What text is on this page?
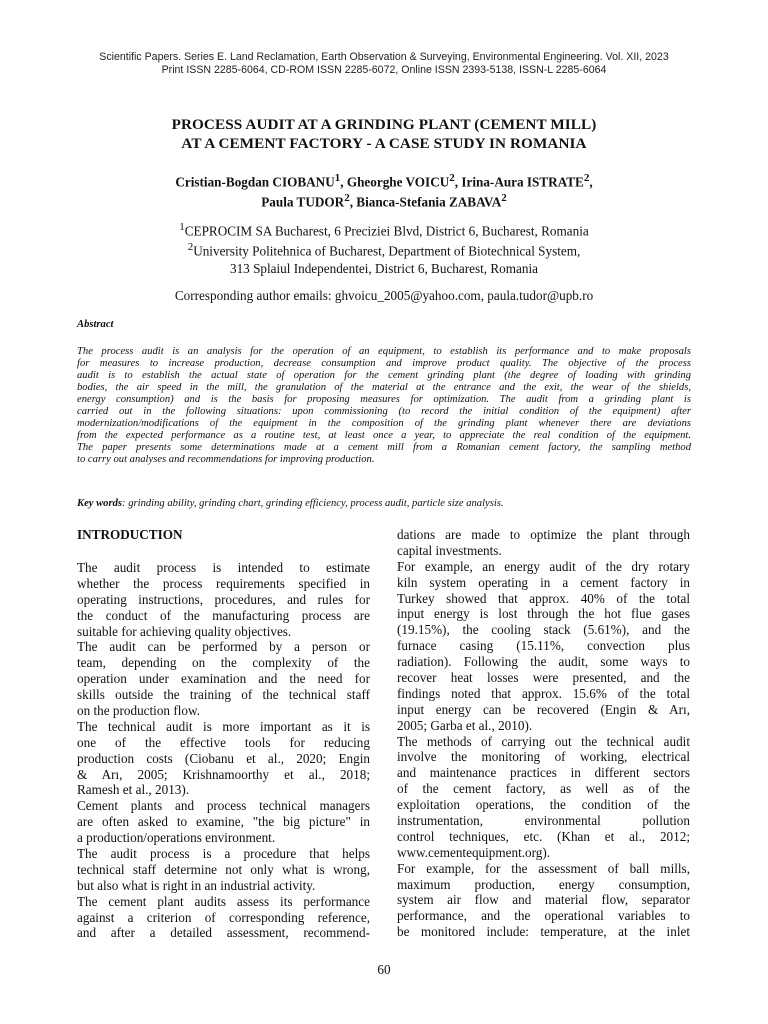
Scientific Papers. Series E. Land Reclamation, Earth Observation & Surveying, Environmental Engineering. Vol. XII, 2023
Print ISSN 2285-6064, CD-ROM ISSN 2285-6072, Online ISSN 2393-5138, ISSN-L 2285-6064
PROCESS AUDIT AT A GRINDING PLANT (CEMENT MILL)
AT A CEMENT FACTORY - A CASE STUDY IN ROMANIA
Cristian-Bogdan CIOBANU$^1$, Gheorghe VOICU$^2$, Irina-Aura ISTRATE$^2$,
Paula TUDOR$^2$, Bianca-Stefania ZABAVA$^2$
$^1$CEPROCIM SA Bucharest, 6 Preciziei Blvd, District 6, Bucharest, Romania
$^2$University Politehnica of Bucharest, Department of Biotechnical System,
313 Splaiul Independentei, District 6, Bucharest, Romania
Corresponding author emails: ghvoicu_2005@yahoo.com, paula.tudor@upb.ro
Abstract
The process audit is an analysis for the operation of an equipment, to establish its performance and to make proposals
for measures to increase production, decrease consumption and improve product quality. The objective of the process
audit is to establish the actual state of operation for the cement grinding plant (the degree of loading with grinding
bodies, the air speed in the mill, the granulation of the material at the entrance and the exit, the wear of the shields,
energy consumption) and is the basis for proposing measures for optimization. The audit from a grinding plant is
carried out in the following situations: upon commissioning (to record the initial condition of the equipment) after
modernization/modifications of the equipment in the composition of the grinding plant whenever there are deviations
from the expected performance as a routine test, at least once a year, to appreciate the real condition of the equipment.
The paper presents some determinations made at a cement mill from a Romanian cement factory, the sampling method
to carry out analyses and recommendations for improving production.
Key words: grinding ability, grinding chart, grinding efficiency, process audit, particle size analysis.
INTRODUCTION
The audit process is intended to estimate
whether the process requirements specified in
operating instructions, procedures, and rules for
the conduct of the manufacturing process are
suitable for achieving quality objectives.
The audit can be performed by a person or
team, depending on the complexity of the
operation under examination and the need for
skills outside the training of the technical staff
on the production flow.
The technical audit is more important as it is
one of the effective tools for reducing
production costs (Ciobanu et al., 2020; Engin
& Arı, 2005; Krishnamoorthy et al., 2018;
Ramesh et al., 2013).
Cement plants and process technical managers
are often asked to examine, "the big picture" in
a production/operations environment.
The audit process is a procedure that helps
technical staff determine not only what is wrong,
but also what is right in an industrial activity.
The cement plant audits assess its performance
against a criterion of corresponding reference,
and after a detailed assessment, recommend-
dations are made to optimize the plant through
capital investments.
For example, an energy audit of the dry rotary
kiln system operating in a cement factory in
Turkey showed that approx. 40% of the total
input energy is lost through the hot flue gases
(19.15%), the cooling stack (5.61%), and the
furnace casing (15.11%, convection plus
radiation). Following the audit, some ways to
recover heat losses were presented, and the
findings noted that approx. 15.6% of the total
input energy can be recovered (Engin & Arı,
2005; Garba et al., 2010).
The methods of carrying out the technical audit
involve the monitoring of working, electrical
and maintenance practices in different sectors
of the cement factory, as well as of the
exploitation operations, the condition of the
instrumentation, environmental pollution
control techniques, etc. (Khan et al., 2012;
www.cementequipment.org).
For example, for the assessment of ball mills,
maximum production, energy consumption,
system air flow and material flow, separator
performance, and the operational variables to
be monitored include: temperature, at the inlet
60
